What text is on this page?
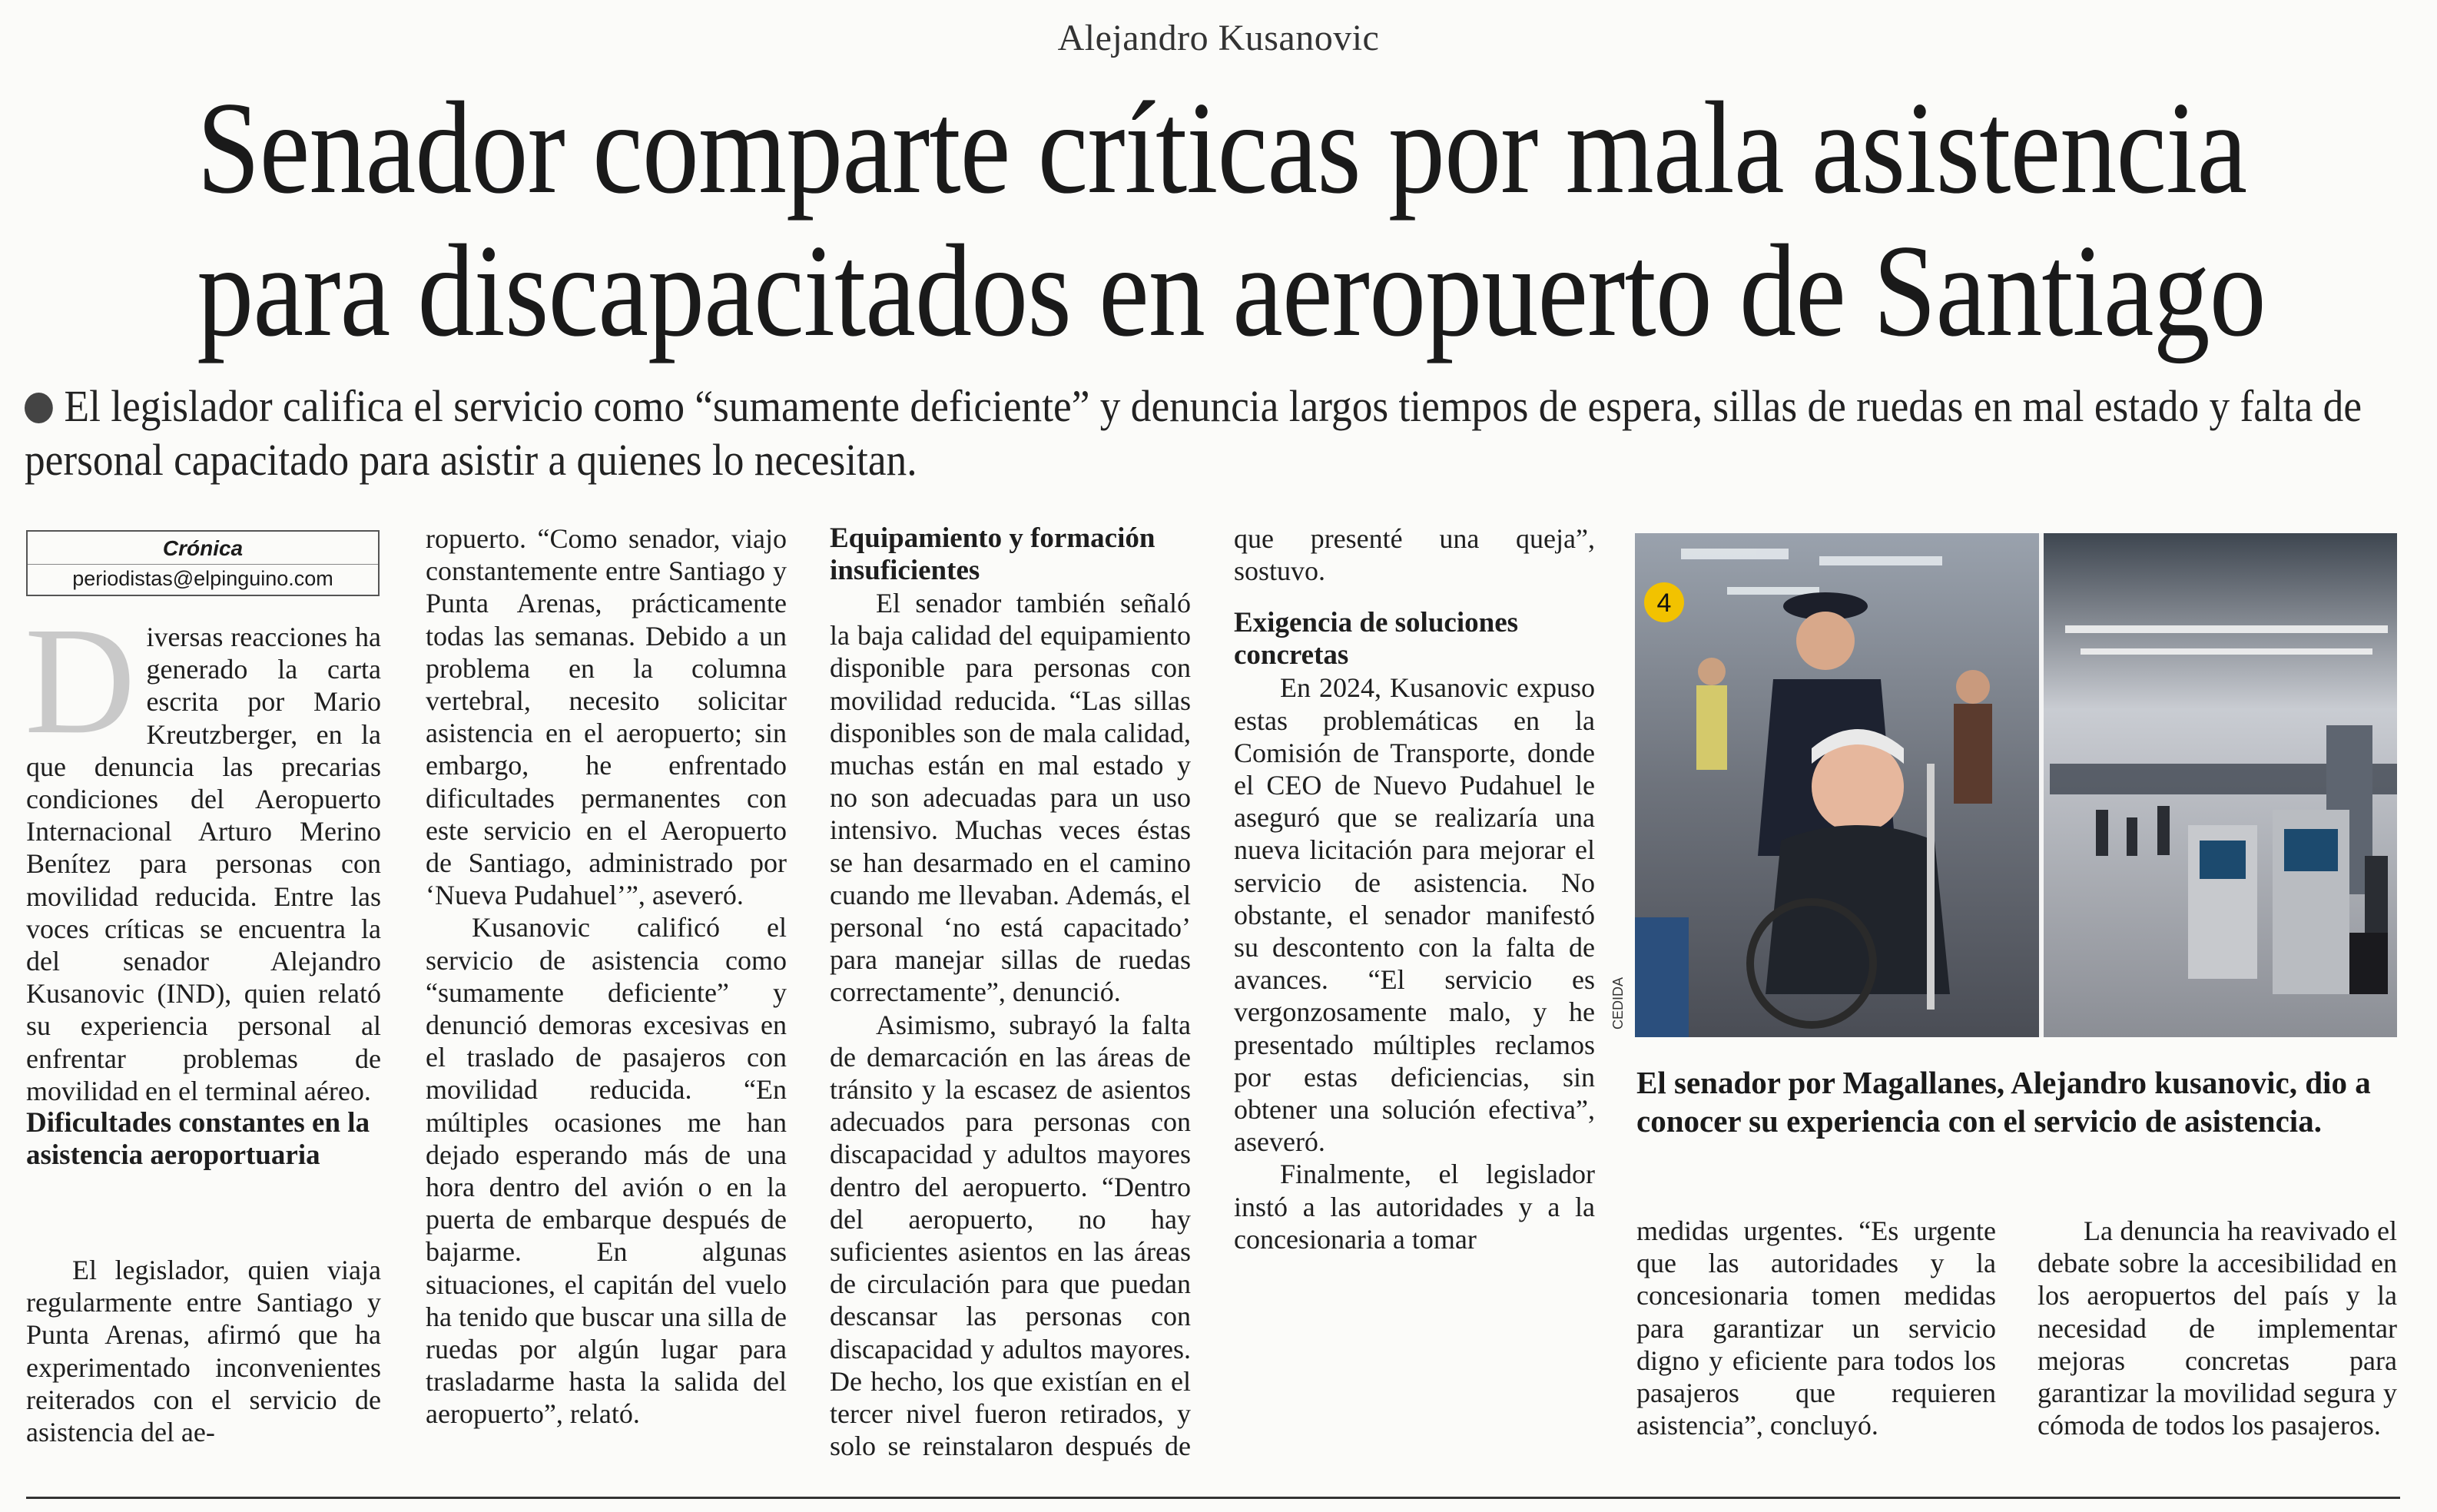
Alejandro Kusanovic
Senador comparte críticas por mala asistencia
para discapacitados en aeropuerto de Santiago
El legislador califica el servicio como “sumamente deficiente” y denuncia largos tiempos de espera, sillas de ruedas en mal estado y falta de personal capacitado para asistir a quienes lo necesitan.
Crónica
periodistas@elpinguino.com
D iversas reacciones ha generado la carta escrita por Mario Kreutzberger, en la que denuncia las precarias condiciones del Aeropuerto Internacional Arturo Merino Benítez para personas con movilidad reducida. Entre las voces críticas se encuentra la del senador Alejandro Kusanovic (IND), quien relató su experiencia personal al enfrentar problemas de movilidad en el terminal aéreo.

Dificultades constantes en la asistencia aeroportuaria

El legislador, quien viaja regularmente entre Santiago y Punta Arenas, afirmó que ha experimentado inconvenientes reiterados con el servicio de asistencia del ae-

ropuerto. “Como senador, viajo constantemente entre Santiago y Punta Arenas, prácticamente todas las semanas. Debido a un problema en la columna vertebral, necesito solicitar asistencia en el aeropuerto; sin embargo, he enfrentado dificultades permanentes con este servicio en el Aeropuerto de Santiago, administrado por ‘Nueva Pudahuel’”, aseveró.

Kusanovic calificó el servicio de asistencia como “sumamente deficiente” y denunció demoras excesivas en el traslado de pasajeros con movilidad reducida. “En múltiples ocasiones me han dejado esperando más de una hora dentro del avión o en la puerta de embarque después de bajarme. En algunas situaciones, el capitán del vuelo ha tenido que buscar una silla de ruedas por algún lugar para trasladarme hasta la salida del aeropuerto”, relató.

Equipamiento y formación insuficientes

El senador también señaló la baja calidad del equipamiento disponible para personas con movilidad reducida. “Las sillas disponibles son de mala calidad, muchas están en mal estado y no son adecuadas para un uso intensivo. Muchas veces éstas se han desarmado en el camino cuando me llevaban. Además, el personal ‘no está capacitado’ para manejar sillas de ruedas correctamente”, denunció.

Asimismo, subrayó la falta de demarcación en las áreas de tránsito y la escasez de asientos adecuados para personas con discapacidad y adultos mayores dentro del aeropuerto. “Dentro del aeropuerto, no hay suficientes asientos en las áreas de circulación para que puedan descansar las personas con discapacidad y adultos mayores. De hecho, los que existían en el tercer nivel fueron retirados, y solo se reinstalaron después de que presenté una queja”, sostuvo.

Exigencia de soluciones concretas

En 2024, Kusanovic expuso estas problemáticas en la Comisión de Transporte, donde el CEO de Nuevo Pudahuel le aseguró que se realizaría una nueva licitación para mejorar el servicio de asistencia. No obstante, el senador manifestó su descontento con la falta de avances. “El servicio es vergonzosamente malo, y he presentado múltiples reclamos por estas deficiencias, sin obtener una solución efectiva”, aseveró.

Finalmente, el legislador instó a las autoridades y a la concesionaria a tomar

4
CEDIDA
El senador por Magallanes, Alejandro kusanovic, dio a conocer su experiencia con el servicio de asistencia.

medidas urgentes. “Es urgente que las autoridades y la concesionaria tomen medidas para garantizar un servicio digno y eficiente para todos los pasajeros que requieren asistencia”, concluyó.

La denuncia ha reavivado el debate sobre la accesibilidad en los aeropuertos del país y la necesidad de implementar mejoras concretas para garantizar la movilidad segura y cómoda de todos los pasajeros.
